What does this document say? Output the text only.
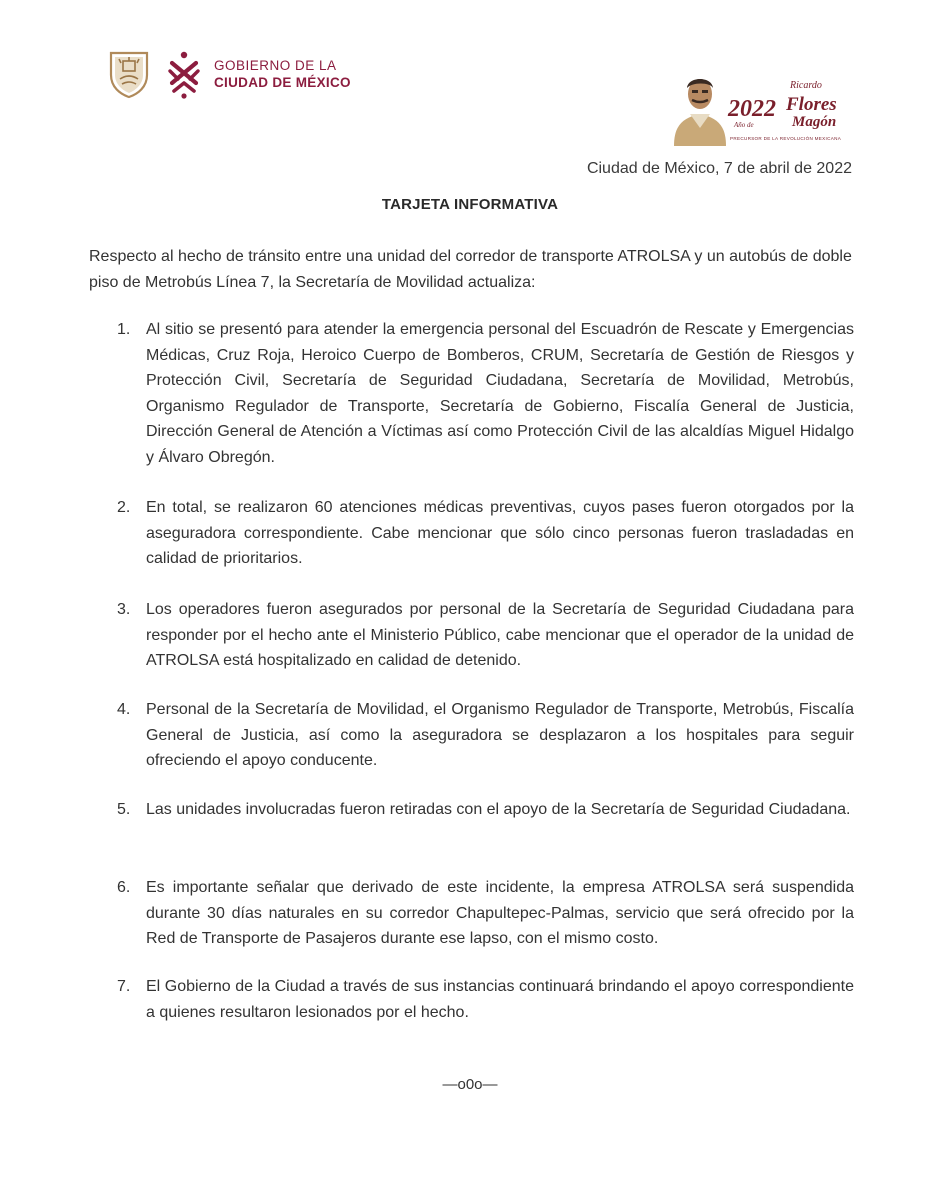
GOBIERNO DE LA
CIUDAD DE MÉXICO
2022
Año de
Ricardo
Flores
Magón
PRECURSOR DE LA REVOLUCIÓN MEXICANA
Ciudad de México, 7 de abril de 2022
TARJETA INFORMATIVA
Respecto al hecho de tránsito entre una unidad del corredor de transporte ATROLSA y un autobús de doble piso de Metrobús Línea 7, la Secretaría de Movilidad actualiza:
1. Al sitio se presentó para atender la emergencia personal del Escuadrón de Rescate y Emergencias Médicas, Cruz Roja, Heroico Cuerpo de Bomberos, CRUM, Secretaría de Gestión de Riesgos y Protección Civil, Secretaría de Seguridad Ciudadana, Secretaría de Movilidad, Metrobús, Organismo Regulador de Transporte, Secretaría de Gobierno, Fiscalía General de Justicia, Dirección General de Atención a Víctimas así como Protección Civil de las alcaldías Miguel Hidalgo y Álvaro Obregón.
2. En total, se realizaron 60 atenciones médicas preventivas, cuyos pases fueron otorgados por la aseguradora correspondiente. Cabe mencionar que sólo cinco personas fueron trasladadas en calidad de prioritarios.
3. Los operadores fueron asegurados por personal de la Secretaría de Seguridad Ciudadana para responder por el hecho ante el Ministerio Público, cabe mencionar que el operador de la unidad de ATROLSA está hospitalizado en calidad de detenido.
4. Personal de la Secretaría de Movilidad, el Organismo Regulador de Transporte, Metrobús, Fiscalía General de Justicia, así como la aseguradora se desplazaron a los hospitales para seguir ofreciendo el apoyo conducente.
5. Las unidades involucradas fueron retiradas con el apoyo de la Secretaría de Seguridad Ciudadana.
6. Es importante señalar que derivado de este incidente, la empresa ATROLSA será suspendida durante 30 días naturales en su corredor Chapultepec-Palmas, servicio que será ofrecido por la Red de Transporte de Pasajeros durante ese lapso, con el mismo costo.
7. El Gobierno de la Ciudad a través de sus instancias continuará brindando el apoyo correspondiente a quienes resultaron lesionados por el hecho.
—o0o—
